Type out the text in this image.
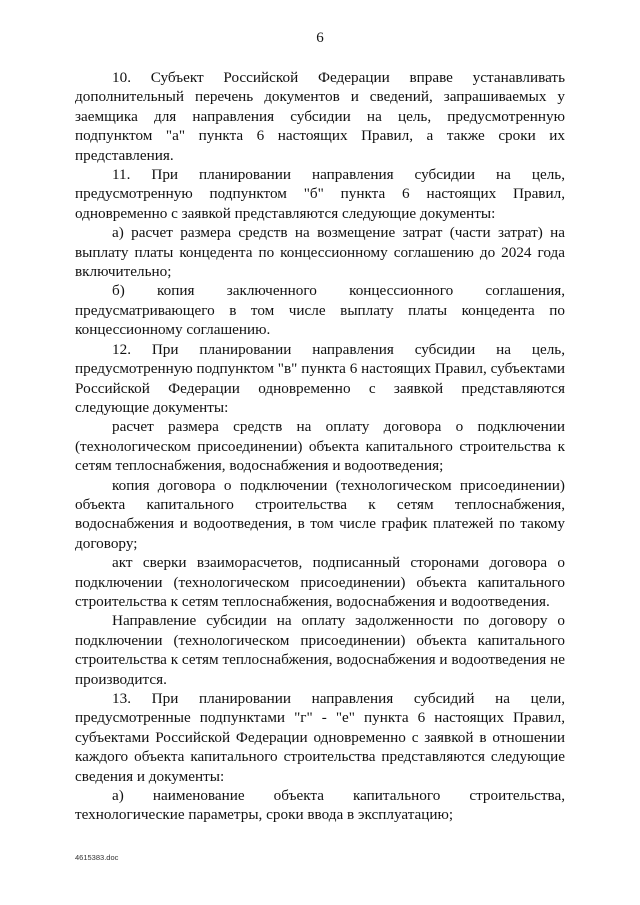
6

10. Субъект Российской Федерации вправе устанавливать дополнительный перечень документов и сведений, запрашиваемых у заемщика для направления субсидии на цель, предусмотренную подпунктом "а" пункта 6 настоящих Правил, а также сроки их представления.

11. При планировании направления субсидии на цель, предусмотренную подпунктом "б" пункта 6 настоящих Правил, одновременно с заявкой представляются следующие документы:

а) расчет размера средств на возмещение затрат (части затрат) на выплату платы концедента по концессионному соглашению до 2024 года включительно;

б) копия заключенного концессионного соглашения, предусматривающего в том числе выплату платы концедента по концессионному соглашению.

12. При планировании направления субсидии на цель, предусмотренную подпунктом "в" пункта 6 настоящих Правил, субъектами Российской Федерации одновременно с заявкой представляются следующие документы:

расчет размера средств на оплату договора о подключении (технологическом присоединении) объекта капитального строительства к сетям теплоснабжения, водоснабжения и водоотведения;

копия договора о подключении (технологическом присоединении) объекта капитального строительства к сетям теплоснабжения, водоснабжения и водоотведения, в том числе график платежей по такому договору;

акт сверки взаиморасчетов, подписанный сторонами договора о подключении (технологическом присоединении) объекта капитального строительства к сетям теплоснабжения, водоснабжения и водоотведения.

Направление субсидии на оплату задолженности по договору о подключении (технологическом присоединении) объекта капитального строительства к сетям теплоснабжения, водоснабжения и водоотведения не производится.

13. При планировании направления субсидий на цели, предусмотренные подпунктами "г" - "е" пункта 6 настоящих Правил, субъектами Российской Федерации одновременно с заявкой в отношении каждого объекта капитального строительства представляются следующие сведения и документы:

а) наименование объекта капитального строительства, технологические параметры, сроки ввода в эксплуатацию;

4615383.doc
